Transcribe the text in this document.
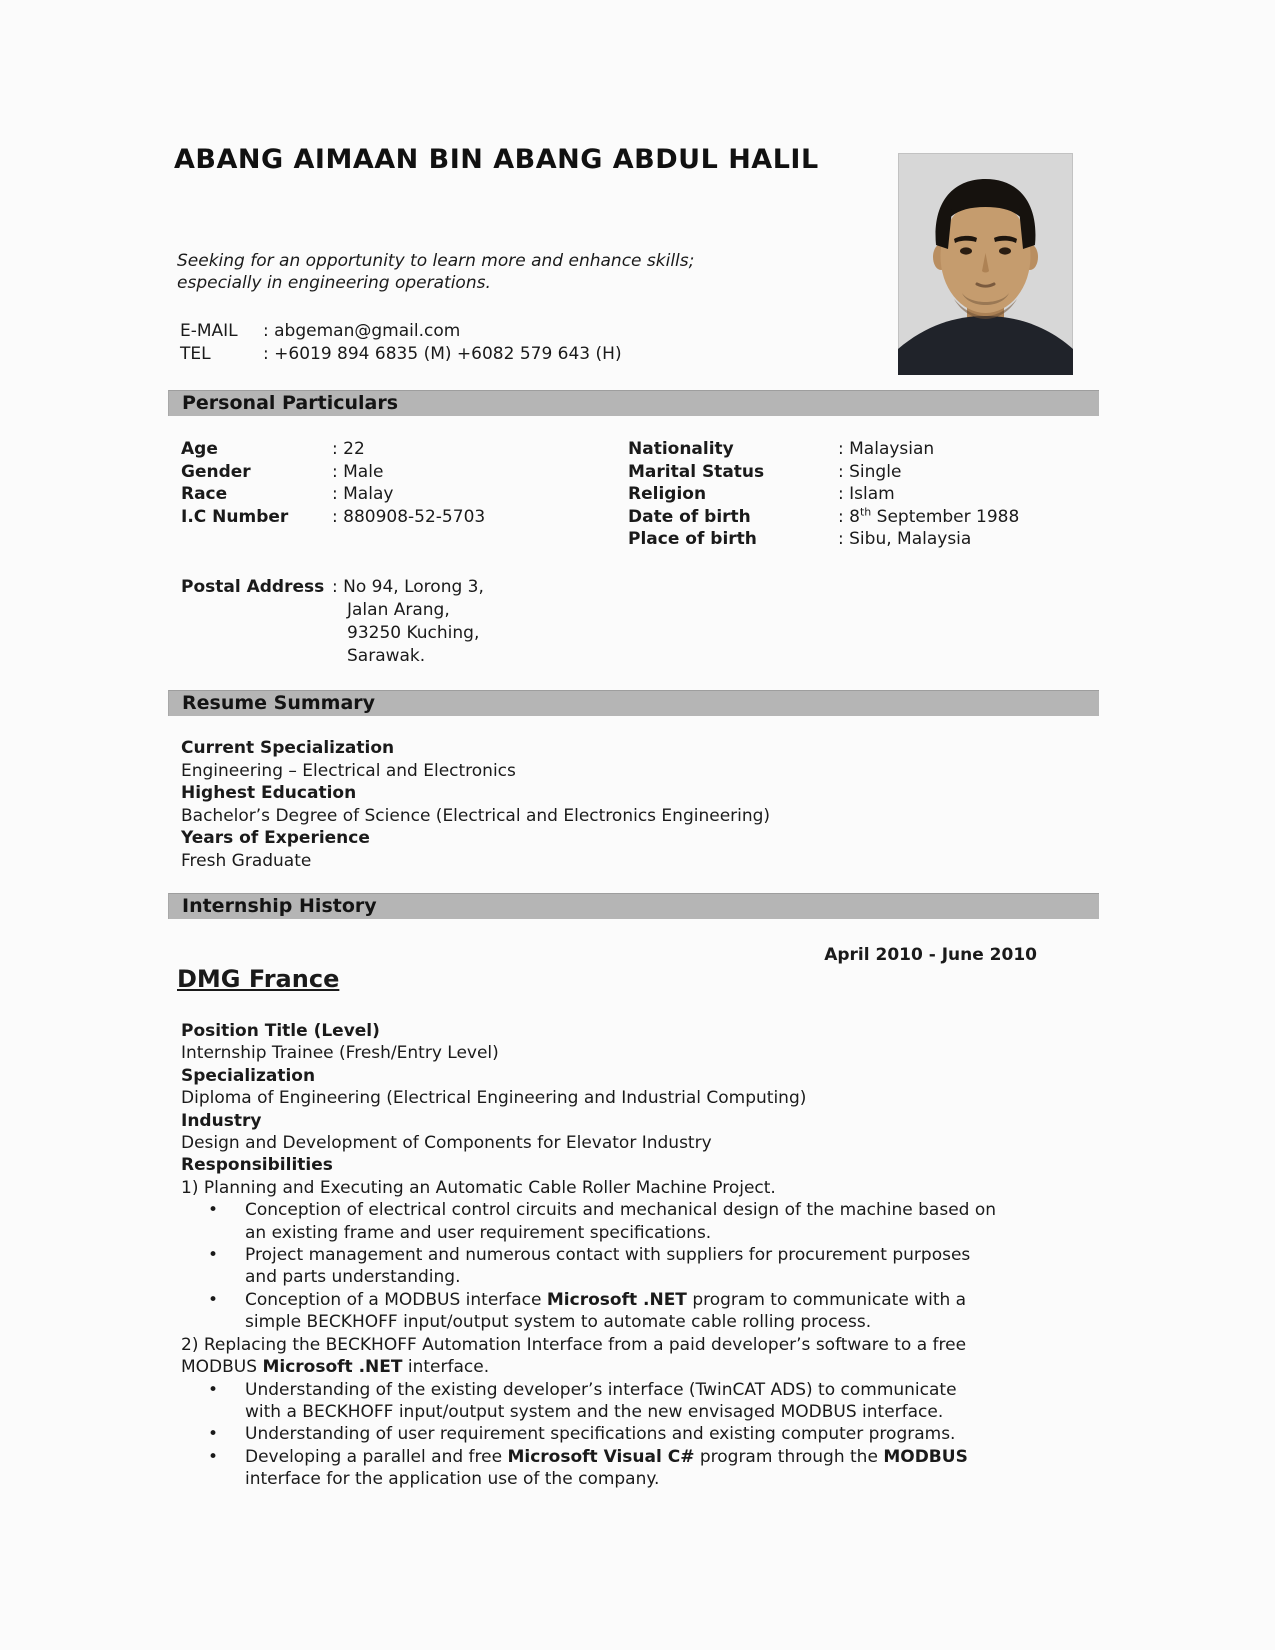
ABANG AIMAAN BIN ABANG ABDUL HALIL
Seeking for an opportunity to learn more and enhance skills;
especially in engineering operations.
E-MAIL	: abgeman@gmail.com
TEL	: +6019 894 6835 (M) +6082 579 643 (H)
Personal Particulars
Age	: 22
Gender	: Male
Race	: Malay
I.C Number	: 880908-52-5703
Nationality	: Malaysian
Marital Status	: Single
Religion	: Islam
Date of birth	: 8th September 1988
Place of birth	: Sibu, Malaysia
Postal Address : No 94, Lorong 3,
Jalan Arang,
93250 Kuching,
Sarawak.
Resume Summary
Current Specialization
Engineering – Electrical and Electronics
Highest Education
Bachelor’s Degree of Science (Electrical and Electronics Engineering)
Years of Experience
Fresh Graduate
Internship History
April 2010 - June 2010
DMG France
Position Title (Level)
Internship Trainee (Fresh/Entry Level)
Specialization
Diploma of Engineering (Electrical Engineering and Industrial Computing)
Industry
Design and Development of Components for Elevator Industry
Responsibilities
1) Planning and Executing an Automatic Cable Roller Machine Project.
• Conception of electrical control circuits and mechanical design of the machine based on
an existing frame and user requirement specifications.
• Project management and numerous contact with suppliers for procurement purposes
and parts understanding.
• Conception of a MODBUS interface Microsoft .NET program to communicate with a
simple BECKHOFF input/output system to automate cable rolling process.
2) Replacing the BECKHOFF Automation Interface from a paid developer’s software to a free
MODBUS Microsoft .NET interface.
• Understanding of the existing developer’s interface (TwinCAT ADS) to communicate
with a BECKHOFF input/output system and the new envisaged MODBUS interface.
• Understanding of user requirement specifications and existing computer programs.
• Developing a parallel and free Microsoft Visual C# program through the MODBUS
interface for the application use of the company.
